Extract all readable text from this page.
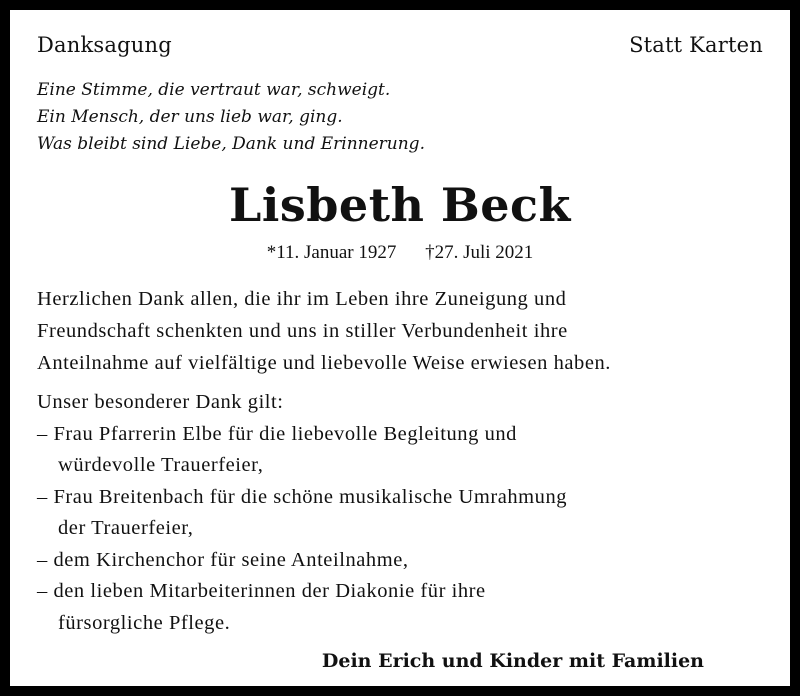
Danksagung	Statt Karten
Eine Stimme, die vertraut war, schweigt.
Ein Mensch, der uns lieb war, ging.
Was bleibt sind Liebe, Dank und Erinnerung.
Lisbeth Beck
*11. Januar 1927 †27. Juli 2021
Herzlichen Dank allen, die ihr im Leben ihre Zuneigung und
Freundschaft schenkten und uns in stiller Verbundenheit ihre
Anteilnahme auf vielfältige und liebevolle Weise erwiesen haben.
Unser besonderer Dank gilt:
– Frau Pfarrerin Elbe für die liebevolle Begleitung und
würdevolle Trauerfeier,
– Frau Breitenbach für die schöne musikalische Umrahmung
der Trauerfeier,
– dem Kirchenchor für seine Anteilnahme,
– den lieben Mitarbeiterinnen der Diakonie für ihre
fürsorgliche Pflege.
Dein Erich und Kinder mit Familien
